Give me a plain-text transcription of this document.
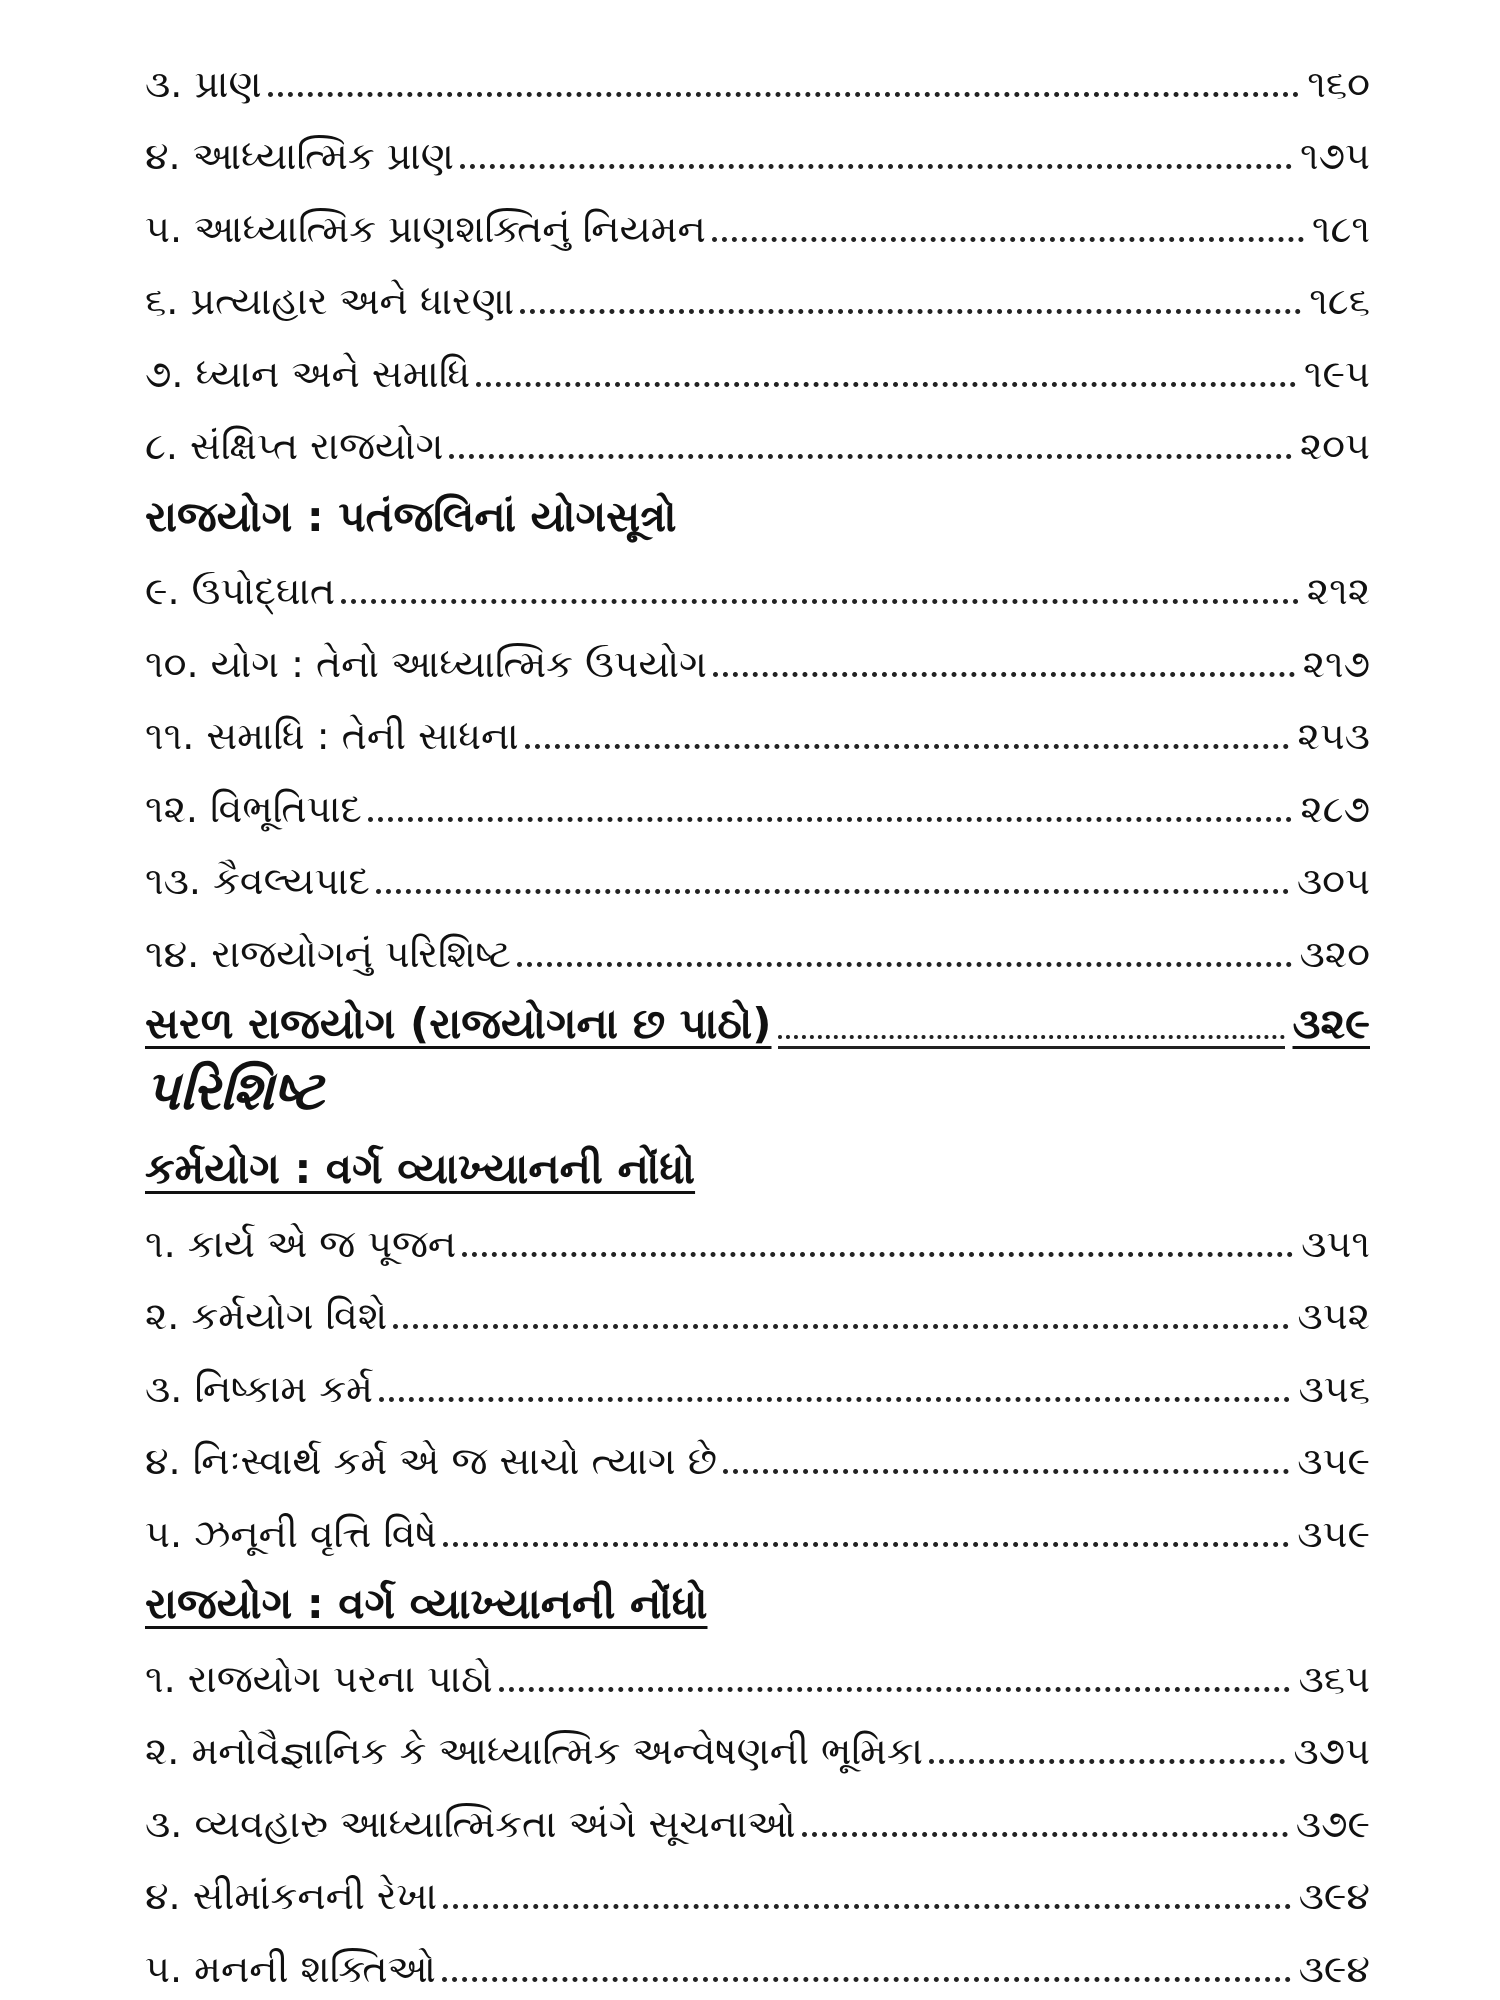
૩. પ્રાણ	૧૬૦
૪. આધ્યાત્મિક પ્રાણ	૧૭૫
૫. આધ્યાત્મિક પ્રાણશક્તિનું નિયમન	૧૮૧
૬. પ્રત્યાહાર અને ધારણા	૧૮૬
૭. ધ્યાન અને સમાધિ	૧૯૫
૮. સંક્ષિપ્ત રાજયોગ	૨૦૫
રાજયોગ : પતંજલિનાં યોગસૂત્રો
૯. ઉપોદ્‌ઘાત	૨૧૨
૧૦. યોગ : તેનો આધ્યાત્મિક ઉપયોગ	૨૧૭
૧૧. સમાધિ : તેની સાધના	૨૫૩
૧૨. વિભૂતિપાદ	૨૮૭
૧૩. કૈવલ્યપાદ	૩૦૫
૧૪. રાજયોગનું પરિશિષ્ટ	૩૨૦
સરળ રાજયોગ (રાજયોગના છ પાઠો)	૩૨૯
પરિશિષ્ટ
કર્મયોગ : વર્ગ વ્યાખ્યાનની નોંધો
૧. કાર્ય એ જ પૂજન	૩૫૧
૨. કર્મયોગ વિશે	૩૫૨
૩. નિષ્કામ કર્મ	૩૫૬
૪. નિઃસ્વાર્થ કર્મ એ જ સાચો ત્યાગ છે	૩૫૯
૫. ઝનૂની વૃત્તિ વિષે	૩૫૯
રાજયોગ : વર્ગ વ્યાખ્યાનની નોંધો
૧. રાજયોગ પરના પાઠો	૩૬૫
૨. મનોવૈજ્ઞાનિક કે આધ્યાત્મિક અન્વેષણની ભૂમિકા	૩૭૫
૩. વ્યવહારુ આધ્યાત્મિકતા અંગે સૂચનાઓ	૩૭૯
૪. સીમાંકનની રેખા	૩૯૪
૫. મનની શક્તિઓ	૩૯૪
